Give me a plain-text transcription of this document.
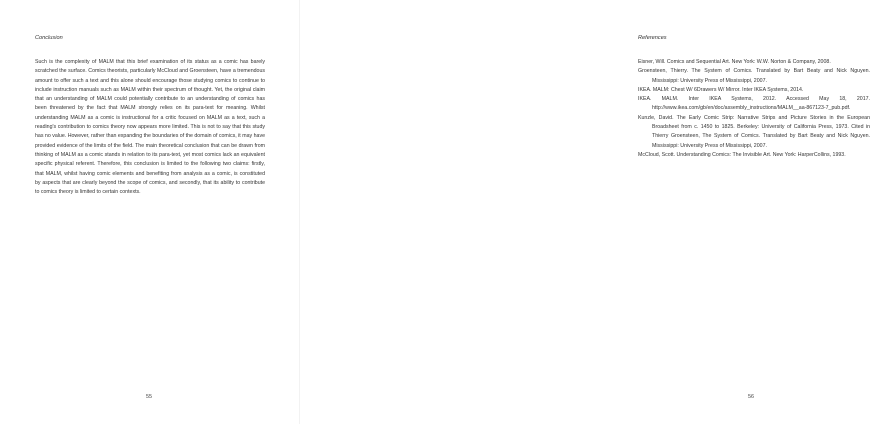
Conclusion

Such is the complexity of MALM that this brief examination of its status as a comic has barely scratched the surface. Comics theorists, particularly McCloud and Groensteen, have a tremendous amount to offer such a text and this alone should encourage those studying comics to continue to include instruction manuals such as MALM within their spectrum of thought. Yet, the original claim that an understanding of MALM could potentially contribute to an understanding of comics has been threatened by the fact that MALM strongly relies on its para-text for meaning. Whilst understanding MALM as a comic is instructional for a critic focused on MALM as a text, such a reading's contribution to comics theory now appears more limited. This is not to say that this study has no value. However, rather than expanding the boundaries of the domain of comics, it may have provided evidence of the limits of the field. The main theoretical conclusion that can be drawn from thinking of MALM as a comic stands in relation to its para-text, yet most comics lack an equivalent specific physical referent. Therefore, this conclusion is limited to the following two claims: firstly, that MALM, whilst having comic elements and benefiting from analysis as a comic, is constituted by aspects that are clearly beyond the scope of comics, and secondly, that its ability to contribute to comics theory is limited to certain contexts.

55
References
Eisner, Will. Comics and Sequential Art. New York: W.W. Norton & Company, 2008.
Groensteen, Thierry. The System of Comics. Translated by Bart Beaty and Nick Nguyen. Mississippi: University Press of Mississippi, 2007.
IKEA. MALM: Chest W/ 6Drawers W/ Mirror. Inter IKEA Systems, 2014.
IKEA. MALM. Inter IKEA Systems, 2012. Accessed May 18, 2017. http://www.ikea.com/gb/en/doc/assembly_instructions/MALM__aa-867123-7_pub.pdf.
Kunzle, David. The Early Comic Strip: Narrative Strips and Picture Stories in the European Broadsheet from c. 1450 to 1825. Berkeley: University of California Press, 1973. Cited in Thierry Groensteen, The System of Comics. Translated by Bart Beaty and Nick Nguyen. Mississippi: University Press of Mississippi, 2007.
McCloud, Scott. Understanding Comics: The Invisible Art. New York: HarperCollins, 1993.
56
